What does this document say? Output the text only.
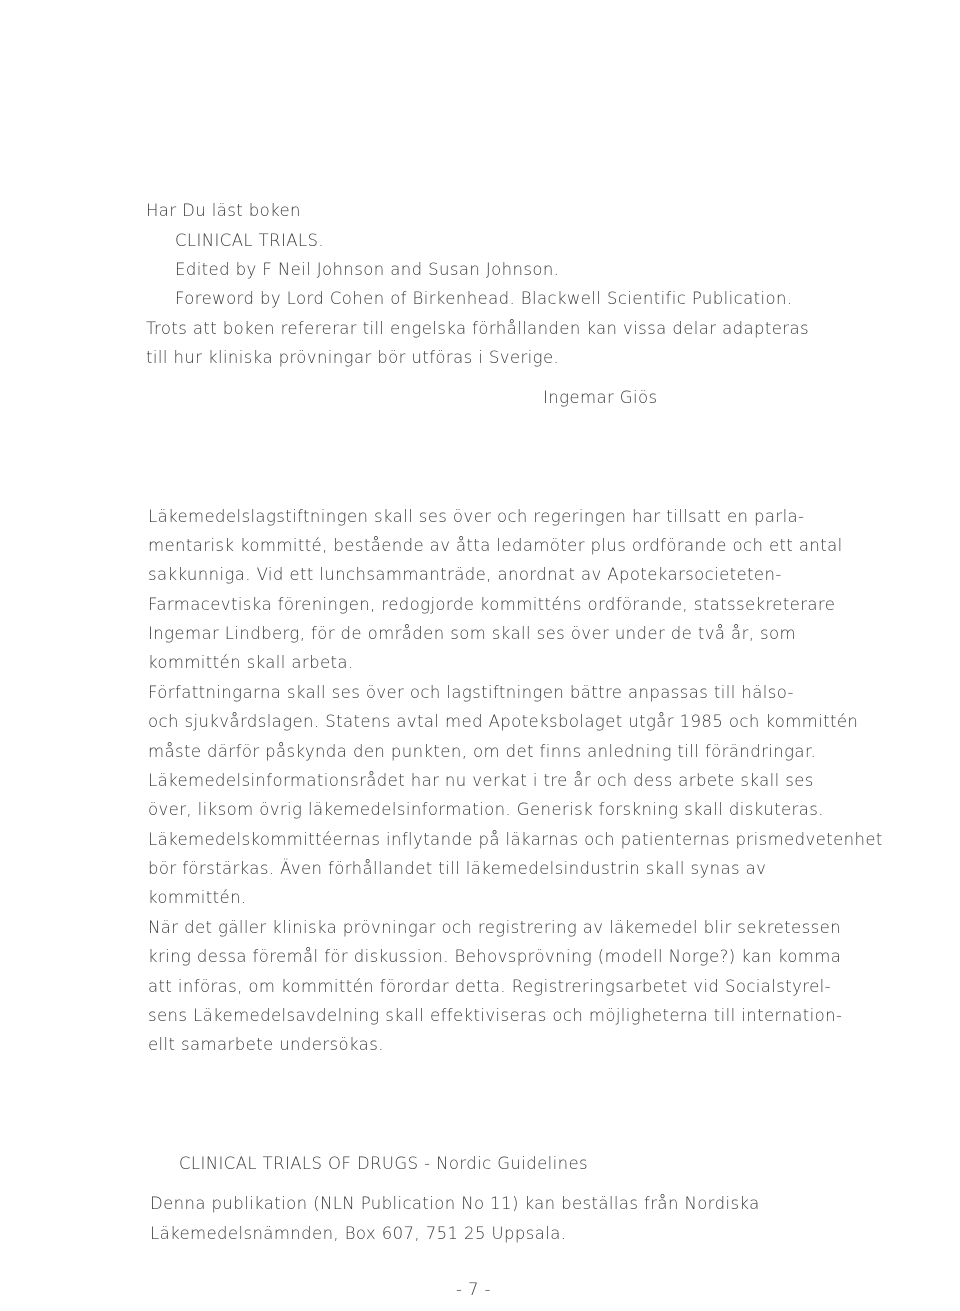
Har Du läst boken
CLINICAL TRIALS.
Edited by F Neil Johnson and Susan Johnson.
Foreword by Lord Cohen of Birkenhead. Blackwell Scientific Publication.
Trots att boken refererar till engelska förhållanden kan vissa delar adapteras
till hur kliniska prövningar bör utföras i Sverige.
Ingemar Giös
Läkemedelslagstiftningen skall ses över och regeringen har tillsatt en parla-
mentarisk kommitté, bestående av åtta ledamöter plus ordförande och ett antal
sakkunniga. Vid ett lunchsammanträde, anordnat av Apotekarsocieteten-
Farmacevtiska föreningen, redogjorde kommitténs ordförande, statssekreterare
Ingemar Lindberg, för de områden som skall ses över under de två år, som
kommittén skall arbeta.
Författningarna skall ses över och lagstiftningen bättre anpassas till hälso-
och sjukvårdslagen. Statens avtal med Apoteksbolaget utgår 1985 och kommittén
måste därför påskynda den punkten, om det finns anledning till förändringar.
Läkemedelsinformationsrådet har nu verkat i tre år och dess arbete skall ses
över, liksom övrig läkemedelsinformation. Generisk forskning skall diskuteras.
Läkemedelskommittéernas inflytande på läkarnas och patienternas prismedvetenhet
bör förstärkas. Även förhållandet till läkemedelsindustrin skall synas av
kommittén.
När det gäller kliniska prövningar och registrering av läkemedel blir sekretessen
kring dessa föremål för diskussion. Behovsprövning (modell Norge?) kan komma
att införas, om kommittén förordar detta. Registreringsarbetet vid Socialstyrel-
sens Läkemedelsavdelning skall effektiviseras och möjligheterna till internation-
ellt samarbete undersökas.
CLINICAL TRIALS OF DRUGS - Nordic Guidelines
Denna publikation (NLN Publication No 11) kan beställas från Nordiska
Läkemedelsnämnden, Box 607, 751 25 Uppsala.
- 7 -
